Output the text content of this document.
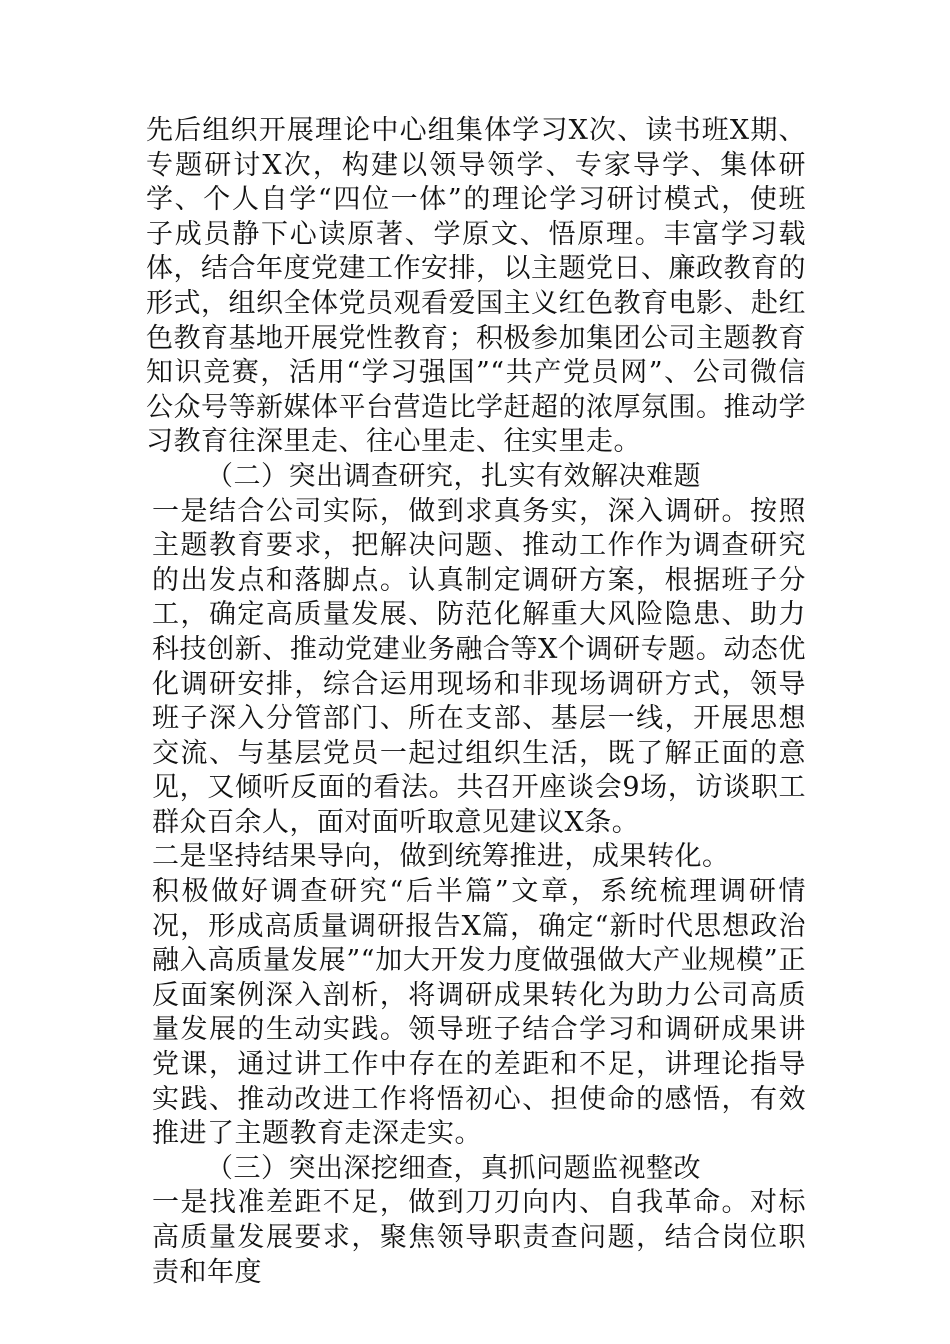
先后组织开展理论中心组集体学习X次、读书班X期、专题研讨X次，构建以领导领学、专家导学、集体研学、个人自学“四位一体”的理论学习研讨模式，使班子成员静下心读原著、学原文、悟原理。丰富学习载体，结合年度党建工作安排，以主题党日、廉政教育的形式，组织全体党员观看爱国主义红色教育电影、赴红色教育基地开展党性教育；积极参加集团公司主题教育知识竞赛，活用“学习强国”“共产党员网”、公司微信公众号等新媒体平台营造比学赶超的浓厚氛围。推动学习教育往深里走、往心里走、往实里走。

（二）突出调查研究，扎实有效解决难题

一是结合公司实际，做到求真务实，深入调研。按照主题教育要求，把解决问题、推动工作作为调查研究的出发点和落脚点。认真制定调研方案，根据班子分工，确定高质量发展、防范化解重大风险隐患、助力科技创新、推动党建业务融合等X个调研专题。动态优化调研安排，综合运用现场和非现场调研方式，领导班子深入分管部门、所在支部、基层一线，开展思想交流、与基层党员一起过组织生活，既了解正面的意见，又倾听反面的看法。共召开座谈会9场，访谈职工群众百余人，面对面听取意见建议X条。

二是坚持结果导向，做到统筹推进，成果转化。

积极做好调查研究“后半篇”文章，系统梳理调研情况，形成高质量调研报告X篇，确定“新时代思想政治融入高质量发展”“加大开发力度做强做大产业规模”正反面案例深入剖析，将调研成果转化为助力公司高质量发展的生动实践。领导班子结合学习和调研成果讲党课，通过讲工作中存在的差距和不足，讲理论指导实践、推动改进工作将悟初心、担使命的感悟，有效推进了主题教育走深走实。

（三）突出深挖细查，真抓问题监视整改

一是找准差距不足，做到刀刃向内、自我革命。对标高质量发展要求，聚焦领导职责查问题，结合岗位职责和年度
